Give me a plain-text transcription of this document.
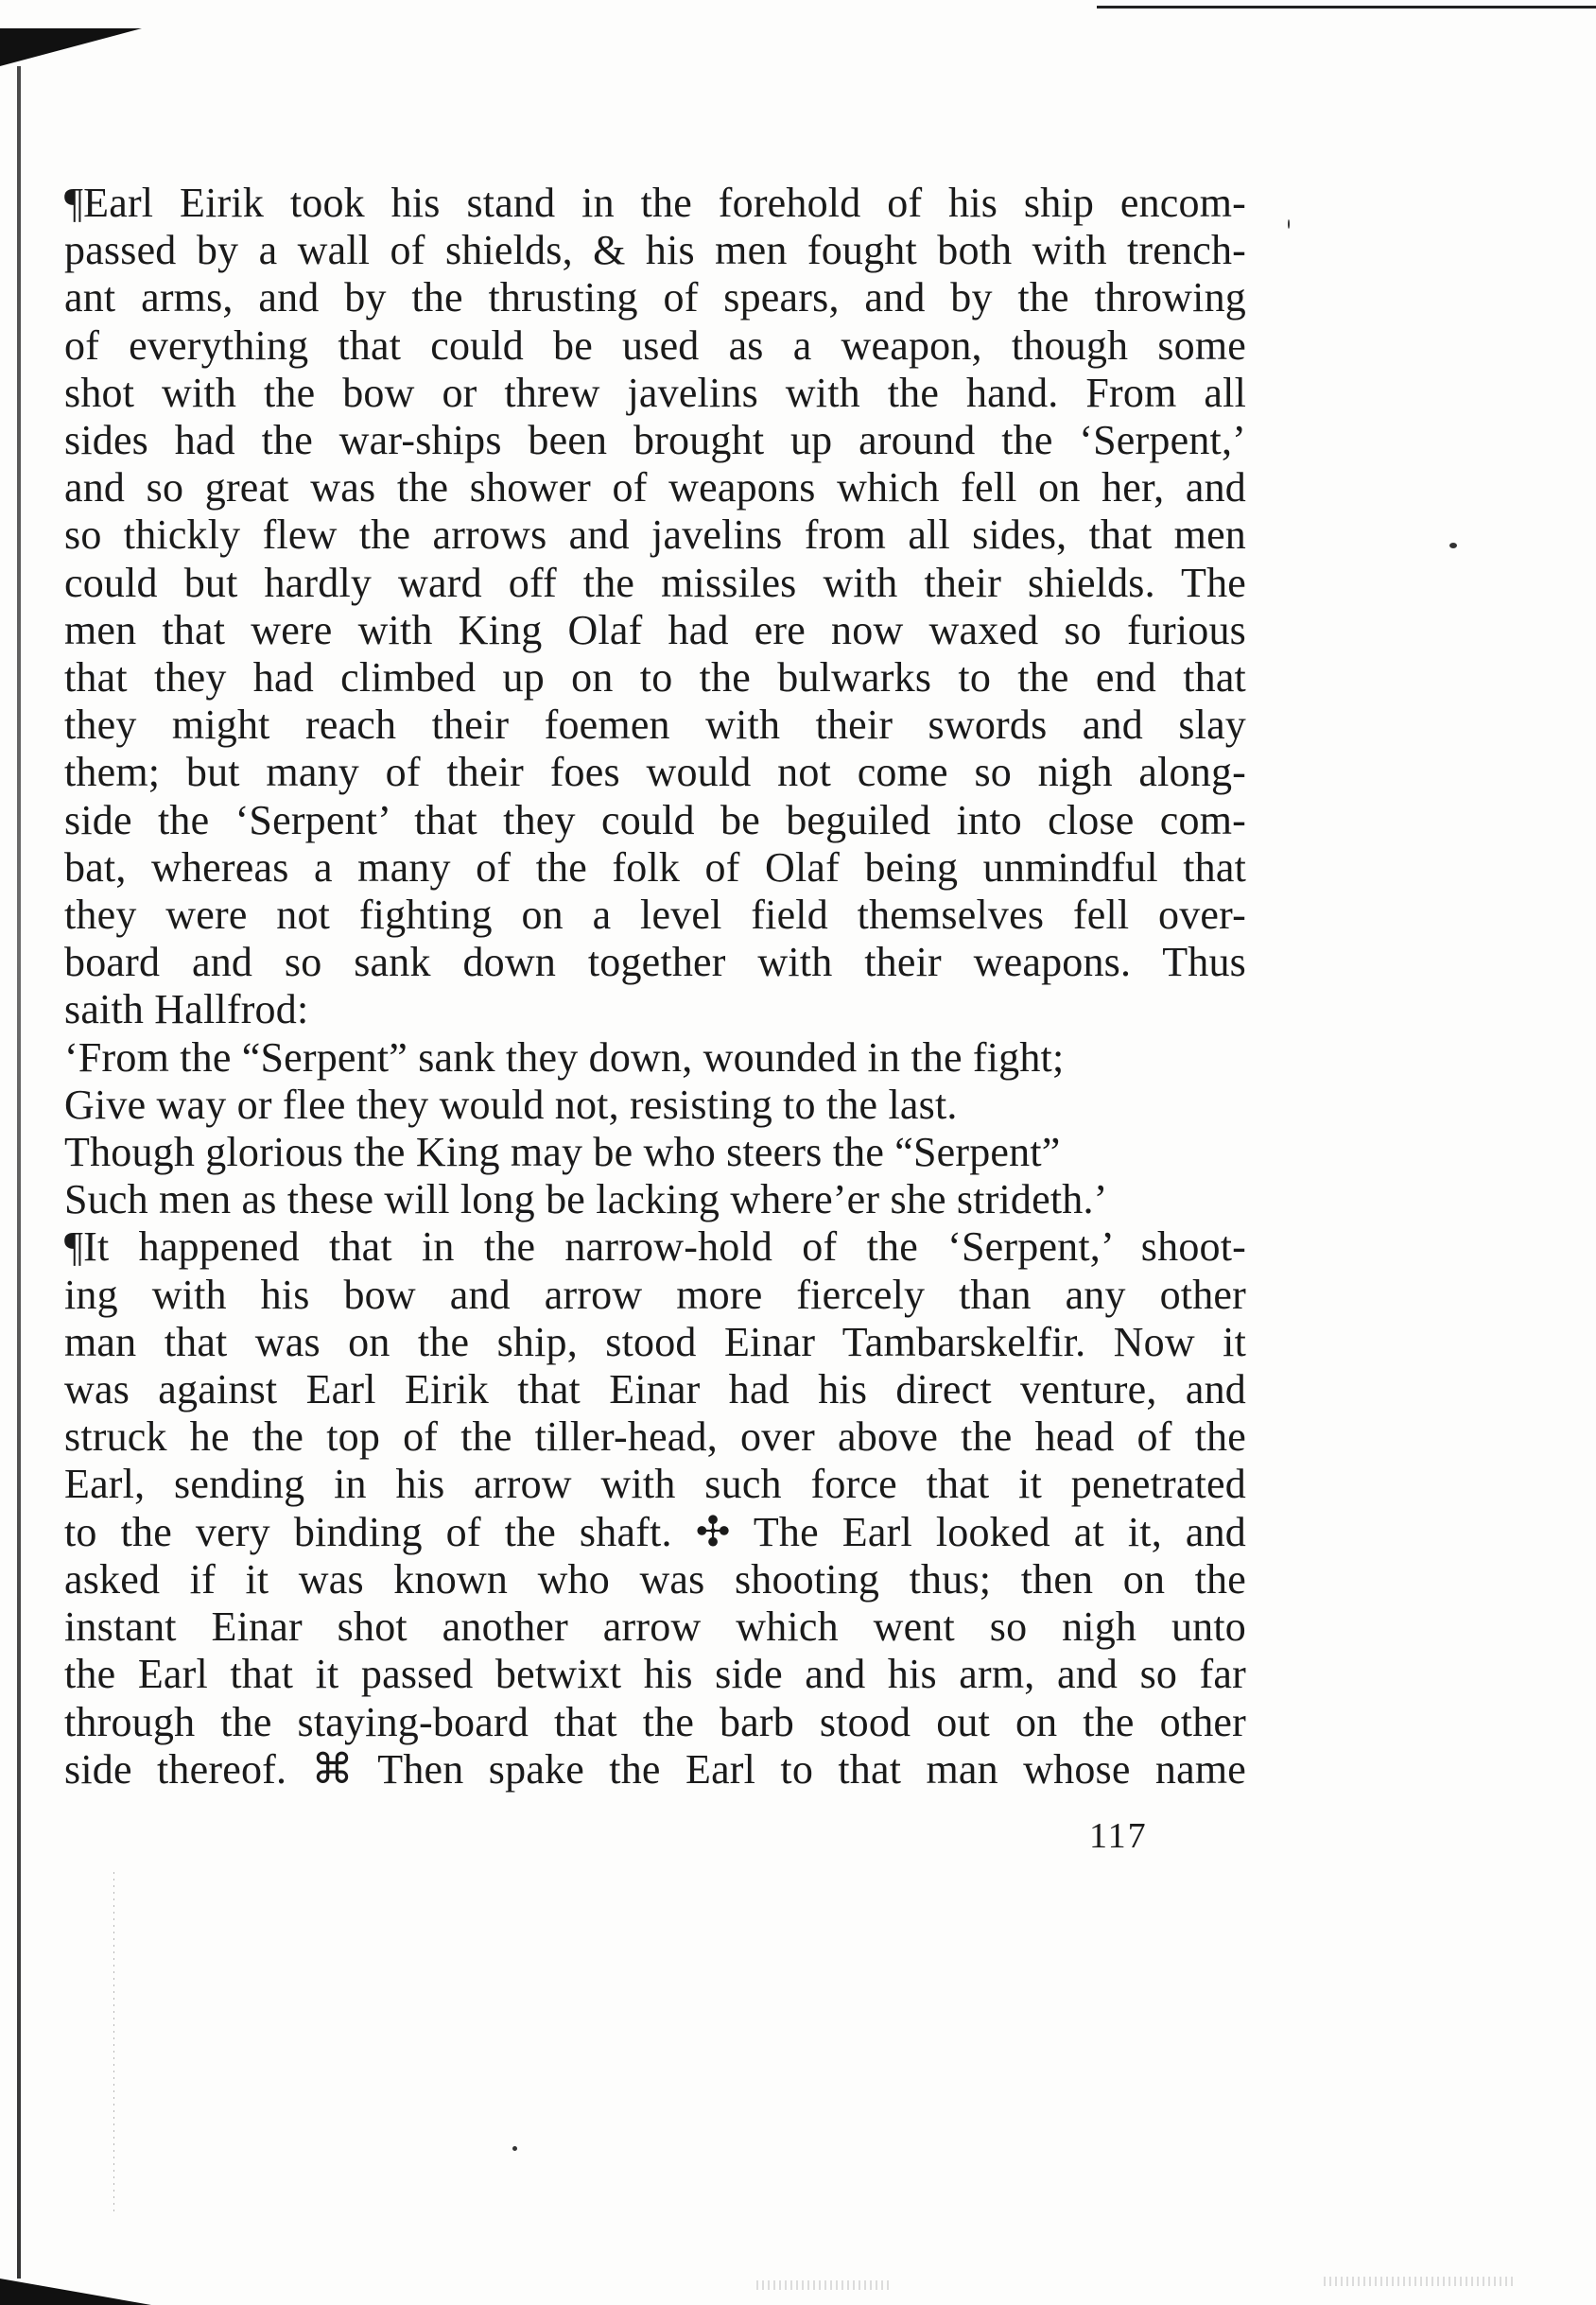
¶Earl Eirik took his stand in the forehold of his ship encom-
passed by a wall of shields, & his men fought both with trench-
ant arms, and by the thrusting of spears, and by the throwing
of everything that could be used as a weapon, though some
shot with the bow or threw javelins with the hand. From all
sides had the war-ships been brought up around the ‘Serpent,’
and so great was the shower of weapons which fell on her, and
so thickly flew the arrows and javelins from all sides, that men
could but hardly ward off the missiles with their shields. The
men that were with King Olaf had ere now waxed so furious
that they had climbed up on to the bulwarks to the end that
they might reach their foemen with their swords and slay
them; but many of their foes would not come so nigh along-
side the ‘Serpent’ that they could be beguiled into close com-
bat, whereas a many of the folk of Olaf being unmindful that
they were not fighting on a level field themselves fell over-
board and so sank down together with their weapons. Thus
saith Hallfrod:
‘From the “Serpent” sank they down, wounded in the fight;
Give way or flee they would not, resisting to the last.
Though glorious the King may be who steers the “Serpent”
Such men as these will long be lacking where’er she strideth.’
¶It happened that in the narrow-hold of the ‘Serpent,’ shoot-
ing with his bow and arrow more fiercely than any other
man that was on the ship, stood Einar Tambarskelfir. Now it
was against Earl Eirik that Einar had his direct venture, and
struck he the top of the tiller-head, over above the head of the
Earl, sending in his arrow with such force that it penetrated
to the very binding of the shaft. ✣ The Earl looked at it, and
asked if it was known who was shooting thus; then on the
instant Einar shot another arrow which went so nigh unto
the Earl that it passed betwixt his side and his arm, and so far
through the staying-board that the barb stood out on the other
side thereof. ⌘ Then spake the Earl to that man whose name
117
